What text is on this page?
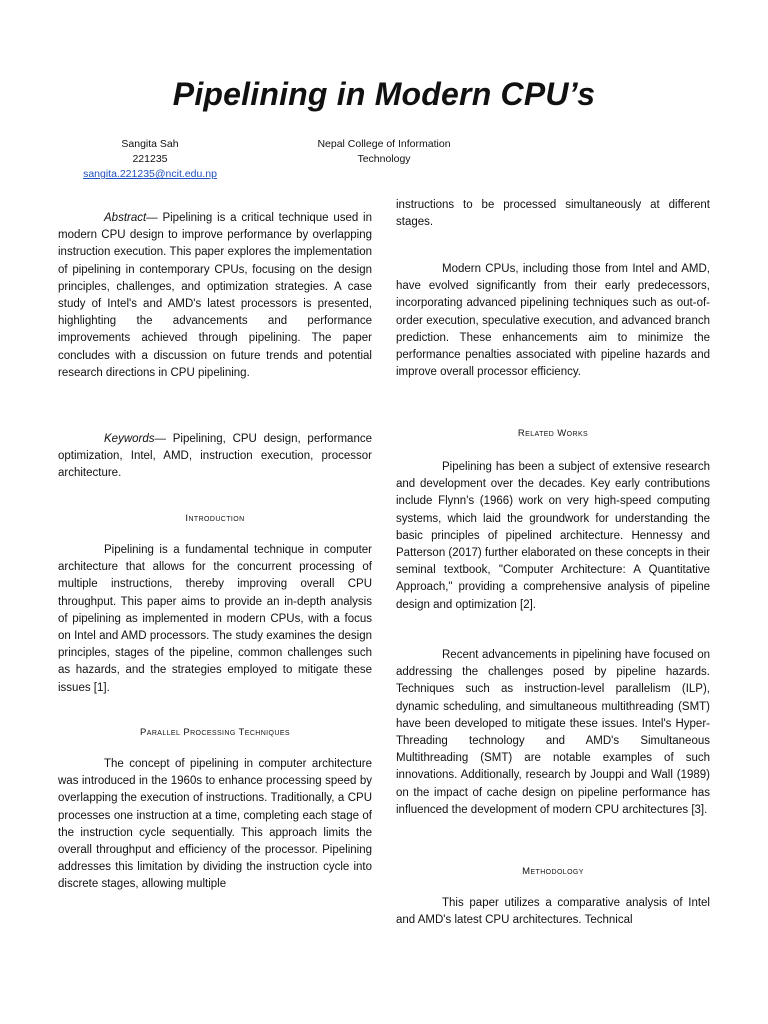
Pipelining in Modern CPU’s
Sangita Sah
221235
sangita.221235@ncit.edu.np
Nepal College of Information
Technology

Abstract— Pipelining is a critical technique used in modern CPU design to improve performance by overlapping instruction execution. This paper explores the implementation of pipelining in contemporary CPUs, focusing on the design principles, challenges, and optimization strategies. A case study of Intel's and AMD's latest processors is presented, highlighting the advancements and performance improvements achieved through pipelining. The paper concludes with a discussion on future trends and potential research directions in CPU pipelining.

Keywords— Pipelining, CPU design, performance optimization, Intel, AMD, instruction execution, processor architecture.

Introduction

Pipelining is a fundamental technique in computer architecture that allows for the concurrent processing of multiple instructions, thereby improving overall CPU throughput. This paper aims to provide an in-depth analysis of pipelining as implemented in modern CPUs, with a focus on Intel and AMD processors. The study examines the design principles, stages of the pipeline, common challenges such as hazards, and the strategies employed to mitigate these issues [1].

Parallel Processing Techniques

The concept of pipelining in computer architecture was introduced in the 1960s to enhance processing speed by overlapping the execution of instructions. Traditionally, a CPU processes one instruction at a time, completing each stage of the instruction cycle sequentially. This approach limits the overall throughput and efficiency of the processor. Pipelining addresses this limitation by dividing the instruction cycle into discrete stages, allowing multiple

instructions to be processed simultaneously at different stages.

Modern CPUs, including those from Intel and AMD, have evolved significantly from their early predecessors, incorporating advanced pipelining techniques such as out-of-order execution, speculative execution, and advanced branch prediction. These enhancements aim to minimize the performance penalties associated with pipeline hazards and improve overall processor efficiency.

Related Works

Pipelining has been a subject of extensive research and development over the decades. Key early contributions include Flynn's (1966) work on very high-speed computing systems, which laid the groundwork for understanding the basic principles of pipelined architecture. Hennessy and Patterson (2017) further elaborated on these concepts in their seminal textbook, "Computer Architecture: A Quantitative Approach," providing a comprehensive analysis of pipeline design and optimization [2].

Recent advancements in pipelining have focused on addressing the challenges posed by pipeline hazards. Techniques such as instruction-level parallelism (ILP), dynamic scheduling, and simultaneous multithreading (SMT) have been developed to mitigate these issues. Intel's Hyper-Threading technology and AMD's Simultaneous Multithreading (SMT) are notable examples of such innovations. Additionally, research by Jouppi and Wall (1989) on the impact of cache design on pipeline performance has influenced the development of modern CPU architectures [3].

Methodology

This paper utilizes a comparative analysis of Intel and AMD's latest CPU architectures. Technical
